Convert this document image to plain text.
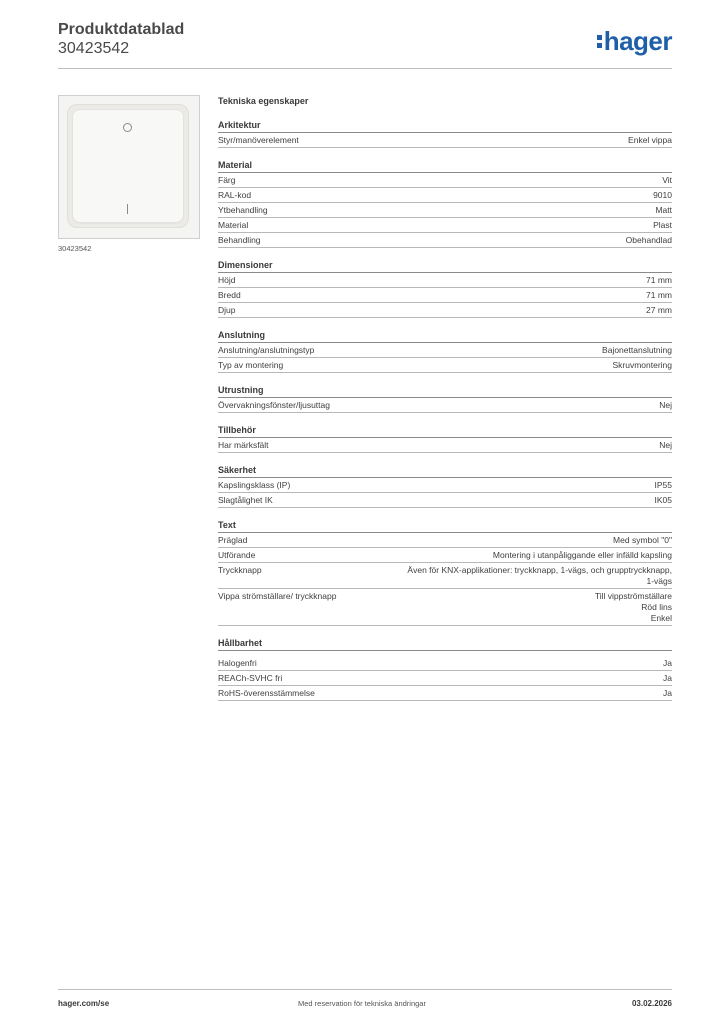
Produktdatablad
30423542	hager
30423542
Tekniska egenskaper
Arkitektur
Styr/manöverelement	Enkel vippa
Material
Färg	Vit
RAL-kod	9010
Ytbehandling	Matt
Material	Plast
Behandling	Obehandlad
Dimensioner
Höjd	71 mm
Bredd	71 mm
Djup	27 mm
Anslutning
Anslutning/anslutningstyp	Bajonettanslutning
Typ av montering	Skruvmontering
Utrustning
Övervakningsfönster/ljusuttag	Nej
Tillbehör
Har märksfält	Nej
Säkerhet
Kapslingsklass (IP)	IP55
Slagtålighet IK	IK05
Text
Präglad	Med symbol "0"
Utförande	Montering i utanpåliggande eller infälld kapsling
Tryckknapp	Även för KNX-applikationer: tryckknapp, 1-vägs, och grupptryckknapp,
1-vägs
Vippa strömställare/ tryckknapp	Till vippströmställare
Röd lins
Enkel
Hållbarhet
Halogenfri	Ja
REACh-SVHC fri	Ja
RoHS-överensstämmelse	Ja
hager.com/se	Med reservation för tekniska ändringar	03.02.2026
